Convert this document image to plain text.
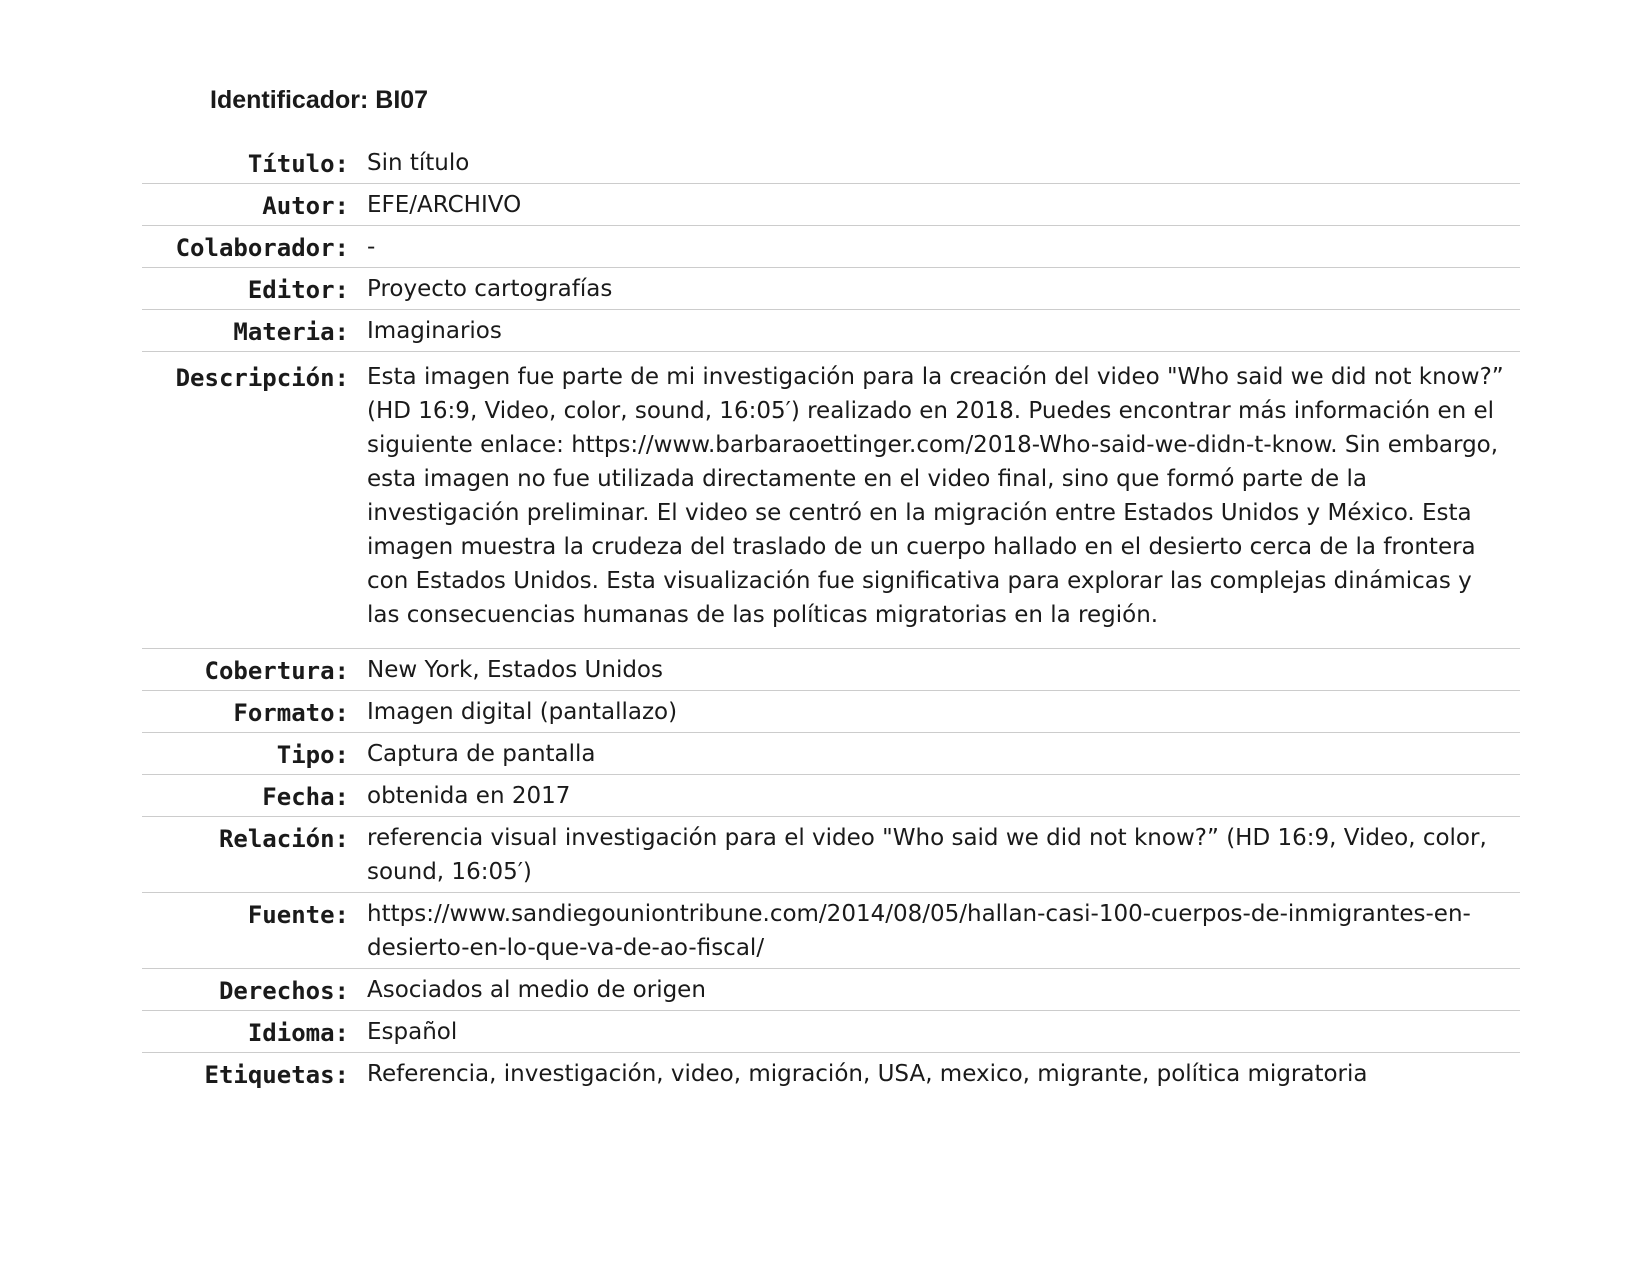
Identificador: BI07
Título:	Sin título
Autor:	EFE/ARCHIVO
Colaborador:	-
Editor:	Proyecto cartografías
Materia:	Imaginarios
Descripción:	Esta imagen fue parte de mi investigación para la creación del video "Who said we did not know?” (HD 16:9, Video, color, sound, 16:05′) realizado en 2018. Puedes encontrar más información en el siguiente enlace: https://www.barbaraoettinger.com/2018-Who-said-we-didn-t-know. Sin embargo, esta imagen no fue utilizada directamente en el video final, sino que formó parte de la investigación preliminar. El video se centró en la migración entre Estados Unidos y México. Esta imagen muestra la crudeza del traslado de un cuerpo hallado en el desierto cerca de la frontera con Estados Unidos. Esta visualización fue significativa para explorar las complejas dinámicas y las consecuencias humanas de las políticas migratorias en la región.
Cobertura:	New York, Estados Unidos
Formato:	Imagen digital (pantallazo)
Tipo:	Captura de pantalla
Fecha:	obtenida en 2017
Relación:	referencia visual investigación para el video "Who said we did not know?” (HD 16:9, Video, color, sound, 16:05′)
Fuente:	https://www.sandiegouniontribune.com/2014/08/05/hallan-casi-100-cuerpos-de-inmigrantes-en-desierto-en-lo-que-va-de-ao-fiscal/
Derechos:	Asociados al medio de origen
Idioma:	Español
Etiquetas:	Referencia, investigación, video, migración, USA, mexico, migrante, política migratoria
